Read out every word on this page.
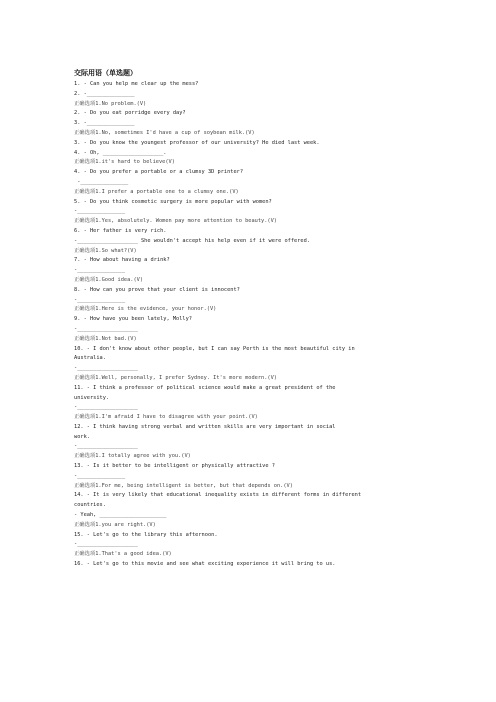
交际用语（单选题）
1. - Can you help me clear up the mess?
2. -_______________
正确选项1.No problem.(V)
2. - Do you eat porridge every day?
3. -_______________
正确选项1.No, sometimes I'd have a cup of soybean milk.(V)
3. - Do you know the youngest professor of our university? He died last week.
4. - Oh, ___________________.
正确选项1.it's hard to believe(V)
4. - Do you prefer a portable or a clumsy 3D printer?
-_______________
正确选项1.I prefer a portable one to a clumsy one.(V)
5. - Do you think cosmetic surgery is more popular with women?
-_______________
正确选项1.Yes, absolutely. Women pay more attention to beauty.(V)
6. - Her father is very rich.
-___________________ She wouldn't accept his help even if it were offered.
正确选项1.So what?(V)
7. - How about having a drink?
-_______________
正确选项1.Good idea.(V)
8. - How can you prove that your client is innocent?
-_______________
正确选项1.Here is the evidence, your honor.(V)
9. - How have you been lately, Molly?
-___________________
正确选项1.Not bad.(V)
10. - I don't know about other people, but I can say Perth is the most beautiful city in
Australia.
-___________________
正确选项1.Well, personally, I prefer Sydney. It's more modern.(V)
11. - I think a professor of political science would make a great president of the
university.
-___________________
正确选项1.I'm afraid I have to disagree with your point.(V)
12. - I think having strong verbal and written skills are very important in social
work.
-___________________
正确选项1.I totally agree with you.(V)
13. - Is it better to be intelligent or physically attractive ?
-_______________
正确选项1.For me, being intelligent is better, but that depends on.(V)
14. - It is very likely that educational inequality exists in different forms in different
countries.
- Yeah, _____________________
正确选项1.you are right.(V)
15. - Let's go to the library this afternoon.
-___________________
正确选项1.That's a good idea.(V)
16. - Let's go to this movie and see what exciting experience it will bring to us.
